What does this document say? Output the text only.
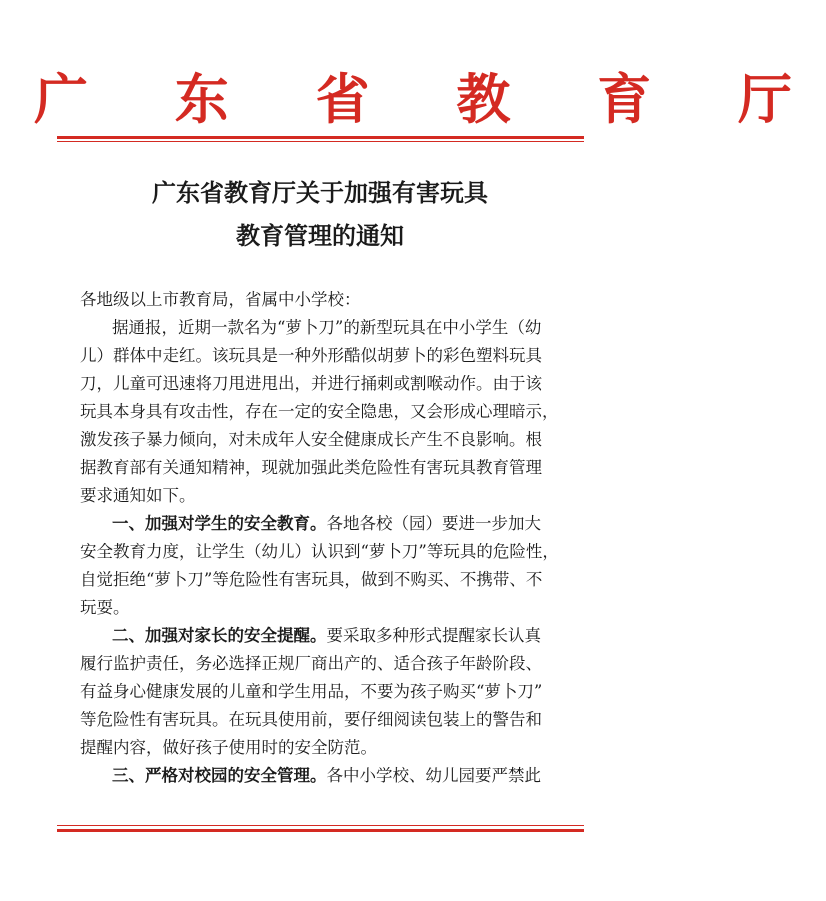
广 东 省 教 育 厅
广东省教育厅关于加强有害玩具
教育管理的通知
各地级以上市教育局，省属中小学校：
据通报，近期一款名为“萝卜刀”的新型玩具在中小学生（幼
儿）群体中走红。该玩具是一种外形酷似胡萝卜的彩色塑料玩具
刀，儿童可迅速将刀甩进甩出，并进行捅刺或割喉动作。由于该
玩具本身具有攻击性，存在一定的安全隐患，又会形成心理暗示，
激发孩子暴力倾向，对未成年人安全健康成长产生不良影响。根
据教育部有关通知精神，现就加强此类危险性有害玩具教育管理
要求通知如下。
一、加强对学生的安全教育。各地各校（园）要进一步加大
安全教育力度，让学生（幼儿）认识到“萝卜刀”等玩具的危险性，
自觉拒绝“萝卜刀”等危险性有害玩具，做到不购买、不携带、不
玩耍。
二、加强对家长的安全提醒。要采取多种形式提醒家长认真
履行监护责任，务必选择正规厂商出产的、适合孩子年龄阶段、
有益身心健康发展的儿童和学生用品，不要为孩子购买“萝卜刀”
等危险性有害玩具。在玩具使用前，要仔细阅读包装上的警告和
提醒内容，做好孩子使用时的安全防范。
三、严格对校园的安全管理。各中小学校、幼儿园要严禁此
